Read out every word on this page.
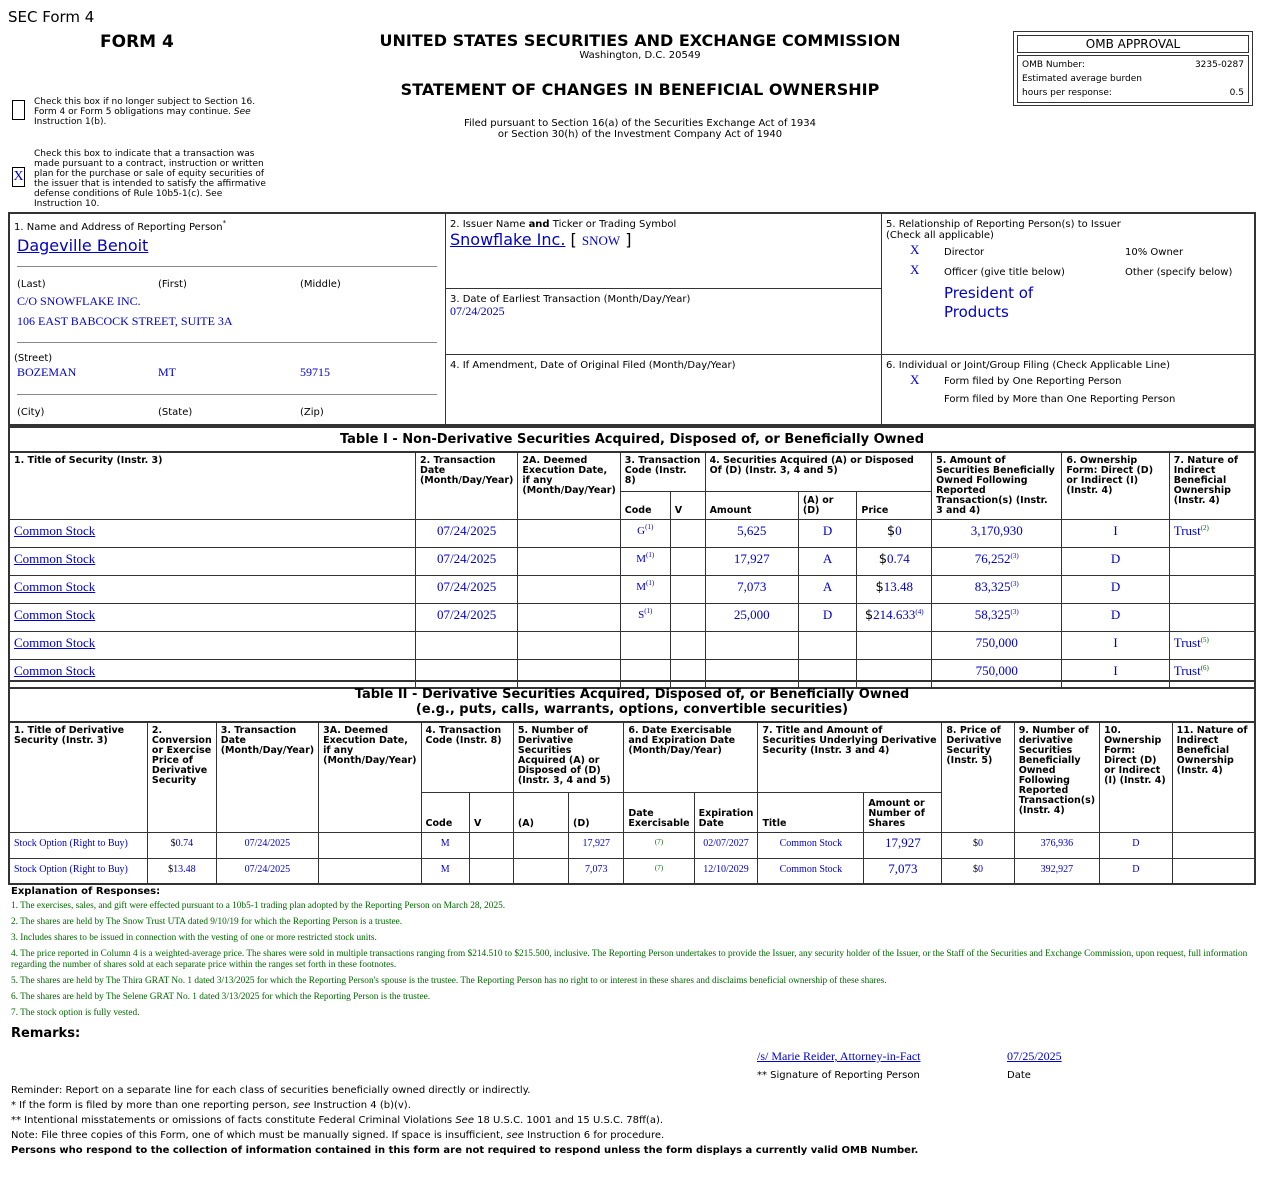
SEC Form 4
FORM 4	UNITED STATES SECURITIES AND EXCHANGE COMMISSION
Washington, D.C. 20549
STATEMENT OF CHANGES IN BENEFICIAL OWNERSHIP
Filed pursuant to Section 16(a) of the Securities Exchange Act of 1934
or Section 30(h) of the Investment Company Act of 1940
OMB APPROVAL
OMB Number:	3235-0287
Estimated average burden
hours per response:	0.5
Check this box if no longer subject to Section 16.
Form 4 or Form 5 obligations may continue. See
Instruction 1(b).
X
Check this box to indicate that a transaction was
made pursuant to a contract, instruction or written
plan for the purchase or sale of equity securities of
the issuer that is intended to satisfy the affirmative
defense conditions of Rule 10b5-1(c). See
Instruction 10.
1. Name and Address of Reporting Person*
Dageville Benoit
(Last)	(First)	(Middle)
C/O SNOWFLAKE INC.
106 EAST BABCOCK STREET, SUITE 3A
(Street)
BOZEMAN	MT	59715
(City)	(State)	(Zip)
2. Issuer Name and Ticker or Trading Symbol
Snowflake Inc. [ SNOW ]
3. Date of Earliest Transaction (Month/Day/Year)
07/24/2025
4. If Amendment, Date of Original Filed (Month/Day/Year)
5. Relationship of Reporting Person(s) to Issuer
(Check all applicable)
X Director	10% Owner
X Officer (give title below)	Other (specify below)
President of
Products
6. Individual or Joint/Group Filing (Check Applicable Line)
X Form filed by One Reporting Person
Form filed by More than One Reporting Person
Table I - Non-Derivative Securities Acquired, Disposed of, or Beneficially Owned
1. Title of Security (Instr. 3)	2. Transaction Date (Month/Day/Year)	2A. Deemed Execution Date, if any (Month/Day/Year)	3. Transaction Code (Instr. 8)		4. Securities Acquired (A) or Disposed Of (D) (Instr. 3, 4 and 5)			5. Amount of Securities Beneficially Owned Following Reported Transaction(s) (Instr. 3 and 4)	6. Ownership Form: Direct (D) or Indirect (I) (Instr. 4)	7. Nature of Indirect Beneficial Ownership (Instr. 4)
			Code	V	Amount	(A) or (D)	Price			
Common Stock	07/24/2025		$G^{(1)}$		5,625	D	$0	3,170,930	I	Trust$^{(2)}$
Common Stock	07/24/2025		$M^{(1)}$		17,927	A	$0.74	76,252$^{(3)}$	D	
Common Stock	07/24/2025		$M^{(1)}$		7,073	A	$13.48	83,325$^{(3)}$	D	
Common Stock	07/24/2025		$S^{(1)}$		25,000	D	$214.633$^{(4)}$	58,325$^{(3)}$	D	
Common Stock								750,000	I	Trust$^{(5)}$
Common Stock								750,000	I	Trust$^{(6)}$
Table II - Derivative Securities Acquired, Disposed of, or Beneficially Owned
(e.g., puts, calls, warrants, options, convertible securities)
1. Title of Derivative Security (Instr. 3)	2. Conversion or Exercise Price of Derivative Security	3. Transaction Date (Month/Day/Year)	3A. Deemed Execution Date, if any (Month/Day/Year)	4. Transaction Code (Instr. 8)		5. Number of Derivative Securities Acquired (A) or Disposed of (D) (Instr. 3, 4 and 5)		6. Date Exercisable and Expiration Date (Month/Day/Year)		7. Title and Amount of Securities Underlying Derivative Security (Instr. 3 and 4)		8. Price of Derivative Security (Instr. 5)	9. Number of derivative Securities Beneficially Owned Following Reported Transaction(s) (Instr. 4)	10. Ownership Form: Direct (D) or Indirect (I) (Instr. 4)	11. Nature of Indirect Beneficial Ownership (Instr. 4)
				Code	V	(A)	(D)	Date Exercisable	Expiration Date	Title	Amount or Number of Shares				
Stock Option (Right to Buy)	$0.74	07/24/2025		M			17,927	(7)	02/07/2027	Common Stock	17,927	$0	376,936	D	
Stock Option (Right to Buy)	$13.48	07/24/2025		M			7,073	(7)	12/10/2029	Common Stock	7,073	$0	392,927	D	
Explanation of Responses:
1. The exercises, sales, and gift were effected pursuant to a 10b5-1 trading plan adopted by the Reporting Person on March 28, 2025.
2. The shares are held by The Snow Trust UTA dated 9/10/19 for which the Reporting Person is a trustee.
3. Includes shares to be issued in connection with the vesting of one or more restricted stock units.
4. The price reported in Column 4 is a weighted-average price. The shares were sold in multiple transactions ranging from $214.510 to $215.500, inclusive. The Reporting Person undertakes to provide the Issuer, any security holder of the Issuer, or the Staff of the Securities and Exchange Commission, upon request, full information regarding the number of shares sold at each separate price within the ranges set forth in these footnotes.
5. The shares are held by The Thira GRAT No. 1 dated 3/13/2025 for which the Reporting Person's spouse is the trustee. The Reporting Person has no right to or interest in these shares and disclaims beneficial ownership of these shares.
6. The shares are held by The Selene GRAT No. 1 dated 3/13/2025 for which the Reporting Person is the trustee.
7. The stock option is fully vested.
Remarks:
/s/ Marie Reider, Attorney-in-Fact	07/25/2025
** Signature of Reporting Person	Date
Reminder: Report on a separate line for each class of securities beneficially owned directly or indirectly.
* If the form is filed by more than one reporting person, see Instruction 4 (b)(v).
** Intentional misstatements or omissions of facts constitute Federal Criminal Violations See 18 U.S.C. 1001 and 15 U.S.C. 78ff(a).
Note: File three copies of this Form, one of which must be manually signed. If space is insufficient, see Instruction 6 for procedure.
Persons who respond to the collection of information contained in this form are not required to respond unless the form displays a currently valid OMB Number.
